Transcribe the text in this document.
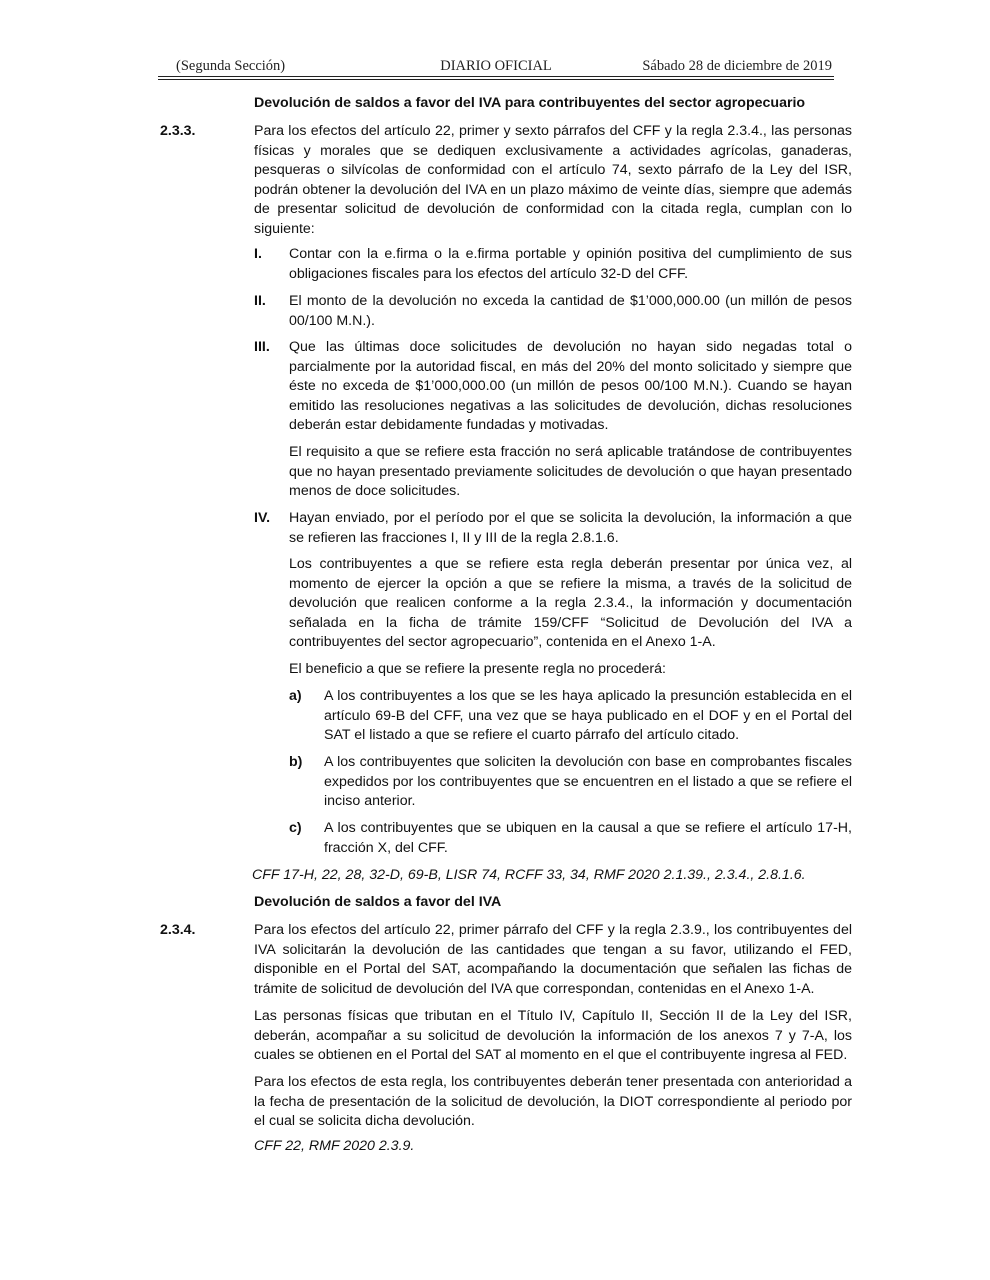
(Segunda Sección)	DIARIO OFICIAL	Sábado 28 de diciembre de 2019
Devolución de saldos a favor del IVA para contribuyentes del sector agropecuario
2.3.3.	Para los efectos del artículo 22, primer y sexto párrafos del CFF y la regla 2.3.4., las personas físicas y morales que se dediquen exclusivamente a actividades agrícolas, ganaderas, pesqueras o silvícolas de conformidad con el artículo 74, sexto párrafo de la Ley del ISR, podrán obtener la devolución del IVA en un plazo máximo de veinte días, siempre que además de presentar solicitud de devolución de conformidad con la citada regla, cumplan con lo siguiente:

I. Contar con la e.firma o la e.firma portable y opinión positiva del cumplimiento de sus obligaciones fiscales para los efectos del artículo 32-D del CFF.

II. El monto de la devolución no exceda la cantidad de $1’000,000.00 (un millón de pesos 00/100 M.N.).

III. Que las últimas doce solicitudes de devolución no hayan sido negadas total o parcialmente por la autoridad fiscal, en más del 20% del monto solicitado y siempre que éste no exceda de $1’000,000.00 (un millón de pesos 00/100 M.N.). Cuando se hayan emitido las resoluciones negativas a las solicitudes de devolución, dichas resoluciones deberán estar debidamente fundadas y motivadas.

El requisito a que se refiere esta fracción no será aplicable tratándose de contribuyentes que no hayan presentado previamente solicitudes de devolución o que hayan presentado menos de doce solicitudes.

IV. Hayan enviado, por el período por el que se solicita la devolución, la información a que se refieren las fracciones I, II y III de la regla 2.8.1.6.

Los contribuyentes a que se refiere esta regla deberán presentar por única vez, al momento de ejercer la opción a que se refiere la misma, a través de la solicitud de devolución que realicen conforme a la regla 2.3.4., la información y documentación señalada en la ficha de trámite 159/CFF “Solicitud de Devolución del IVA a contribuyentes del sector agropecuario”, contenida en el Anexo 1-A.

El beneficio a que se refiere la presente regla no procederá:

a) A los contribuyentes a los que se les haya aplicado la presunción establecida en el artículo 69-B del CFF, una vez que se haya publicado en el DOF y en el Portal del SAT el listado a que se refiere el cuarto párrafo del artículo citado.

b) A los contribuyentes que soliciten la devolución con base en comprobantes fiscales expedidos por los contribuyentes que se encuentren en el listado a que se refiere el inciso anterior.

c) A los contribuyentes que se ubiquen en la causal a que se refiere el artículo 17-H, fracción X, del CFF.

CFF 17-H, 22, 28, 32-D, 69-B, LISR 74, RCFF 33, 34, RMF 2020 2.1.39., 2.3.4., 2.8.1.6.
Devolución de saldos a favor del IVA
2.3.4.	Para los efectos del artículo 22, primer párrafo del CFF y la regla 2.3.9., los contribuyentes del IVA solicitarán la devolución de las cantidades que tengan a su favor, utilizando el FED, disponible en el Portal del SAT, acompañando la documentación que señalen las fichas de trámite de solicitud de devolución del IVA que correspondan, contenidas en el Anexo 1-A.

Las personas físicas que tributan en el Título IV, Capítulo II, Sección II de la Ley del ISR, deberán, acompañar a su solicitud de devolución la información de los anexos 7 y 7-A, los cuales se obtienen en el Portal del SAT al momento en el que el contribuyente ingresa al FED.

Para los efectos de esta regla, los contribuyentes deberán tener presentada con anterioridad a la fecha de presentación de la solicitud de devolución, la DIOT correspondiente al periodo por el cual se solicita dicha devolución.

CFF 22, RMF 2020 2.3.9.
